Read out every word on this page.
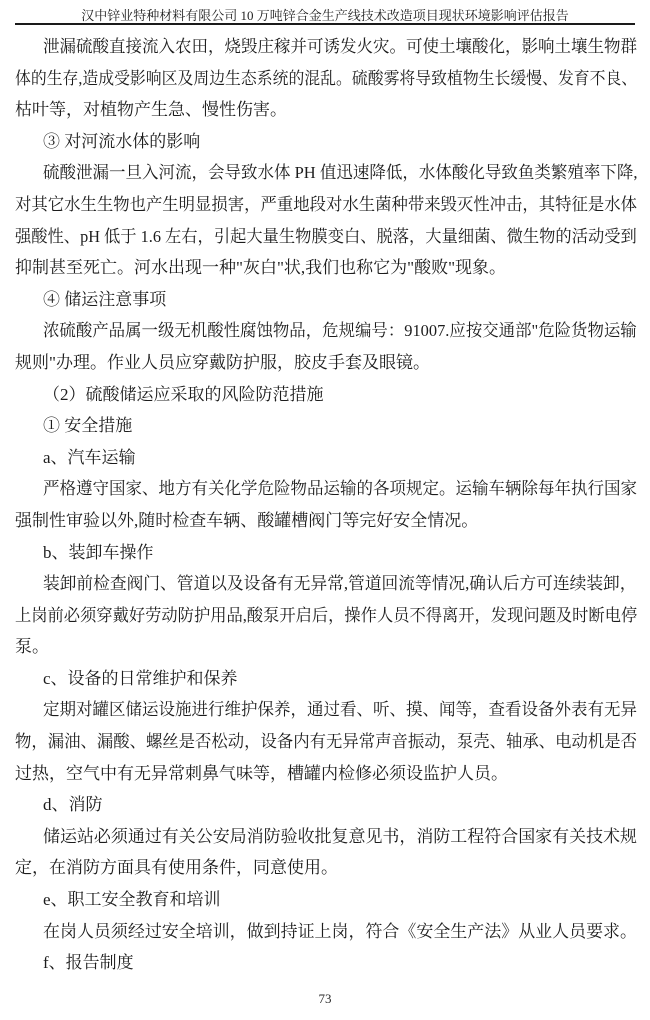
汉中锌业特种材料有限公司 10 万吨锌合金生产线技术改造项目现状环境影响评估报告
泄漏硫酸直接流入农田，烧毁庄稼并可诱发火灾。可使土壤酸化，影响土壤生物群
体的生存,造成受影响区及周边生态系统的混乱。硫酸雾将导致植物生长缓慢、发育不良、
枯叶等，对植物产生急、慢性伤害。
③ 对河流水体的影响
硫酸泄漏一旦入河流，会导致水体 PH 值迅速降低，水体酸化导致鱼类繁殖率下降,
对其它水生生物也产生明显损害，严重地段对水生菌种带来毁灭性冲击，其特征是水体
强酸性、pH 低于 1.6 左右，引起大量生物膜变白、脱落，大量细菌、微生物的活动受到
抑制甚至死亡。河水出现一种"灰白"状,我们也称它为"酸败"现象。
④ 储运注意事项
浓硫酸产品属一级无机酸性腐蚀物品，危规编号：91007.应按交通部"危险货物运输
规则"办理。作业人员应穿戴防护服，胶皮手套及眼镜。
（2）硫酸储运应采取的风险防范措施
① 安全措施
a、汽车运输
严格遵守国家、地方有关化学危险物品运输的各项规定。运输车辆除每年执行国家
强制性审验以外,随时检查车辆、酸罐槽阀门等完好安全情况。
b、装卸车操作
装卸前检查阀门、管道以及设备有无异常,管道回流等情况,确认后方可连续装卸，
上岗前必须穿戴好劳动防护用品,酸泵开启后，操作人员不得离开，发现问题及时断电停
泵。
c、设备的日常维护和保养
定期对罐区储运设施进行维护保养，通过看、听、摸、闻等，查看设备外表有无异
物，漏油、漏酸、螺丝是否松动，设备内有无异常声音振动，泵壳、轴承、电动机是否
过热，空气中有无异常刺鼻气味等，槽罐内检修必须设监护人员。
d、消防
储运站必须通过有关公安局消防验收批复意见书，消防工程符合国家有关技术规
定，在消防方面具有使用条件，同意使用。
e、职工安全教育和培训
在岗人员须经过安全培训，做到持证上岗，符合《安全生产法》从业人员要求。
f、报告制度
73
